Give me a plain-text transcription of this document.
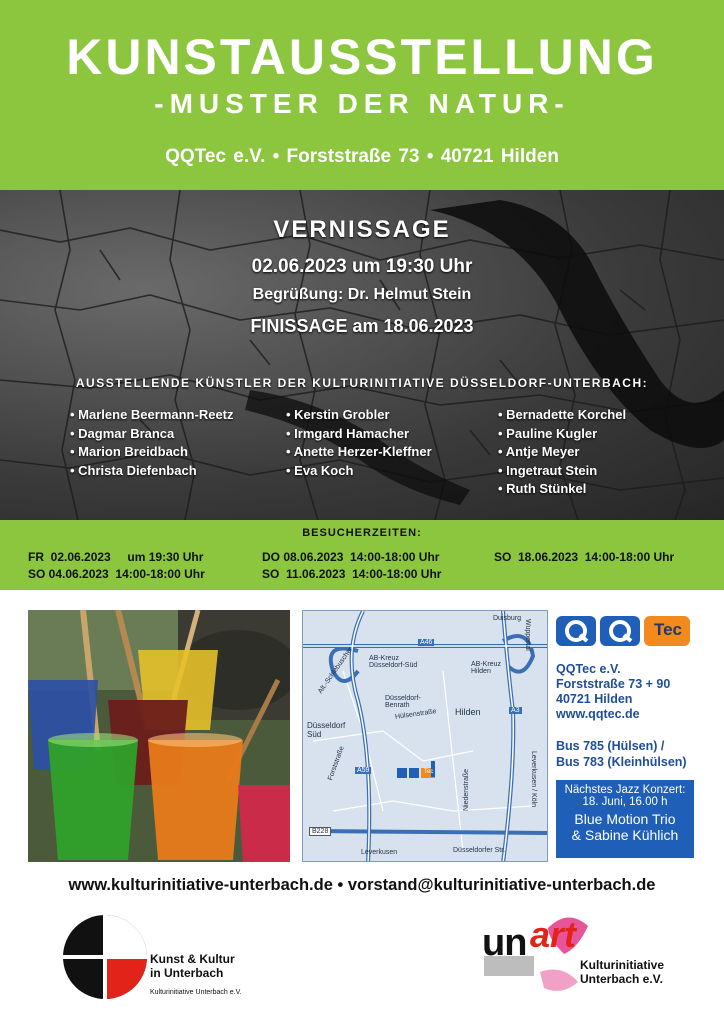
KUNSTAUSSTELLUNG
-MUSTER DER NATUR-
QQTec e.V. • Forststraße 73 • 40721 Hilden
VERNISSAGE
02.06.2023 um 19:30 Uhr
Begrüßung: Dr. Helmut Stein
FINISSAGE am 18.06.2023
AUSSTELLENDE KÜNSTLER DER KULTURINITIATIVE DÜSSELDORF-UNTERBACH:
• Marlene Beermann-Reetz
• Dagmar Branca
• Marion Breidbach
• Christa Diefenbach
• Kerstin Grobler
• Irmgard Hamacher
• Anette Herzer-Kleffner
• Eva Koch
• Bernadette Korchel
• Pauline Kugler
• Antje Meyer
• Ingetraut Stein
• Ruth Stünkel
BESUCHERZEITEN:
FR  02.06.2023     um 19:30 Uhr
SO 04.06.2023  14:00-18:00 Uhr
DO 08.06.2023  14:00-18:00 Uhr
SO  11.06.2023  14:00-18:00 Uhr
SO  18.06.2023  14:00-18:00 Uhr
A46
A3
A59
B228
AB-Kreuz Düsseldorf-Süd	AB-Kreuz Hilden
Düsseldorf-Benrath
Hilden
Düsseldorf Süd
Leverkusen
Duisburg
Wuppertal
Forststraße
Niedenstraße
Hülsenstraße
Düsseldorfer Str.
Leverkusen / Köln
Alt.-Schlebuscher
Tec
Tec
QQTec e.V.
Forststraße 73 + 90
40721 Hilden
www.qqtec.de
Bus 785 (Hülsen) /
Bus 783 (Kleinhülsen)
Nächstes Jazz Konzert:
18. Juni, 16.00 h
Blue Motion Trio
& Sabine Kühlich
www.kulturinitiative-unterbach.de • vorstand@kulturinitiative-unterbach.de
Kunst & Kultur
in Unterbach
Kulturinitiative Unterbach e.V.
un art
Kulturinitiative
Unterbach e.V.
